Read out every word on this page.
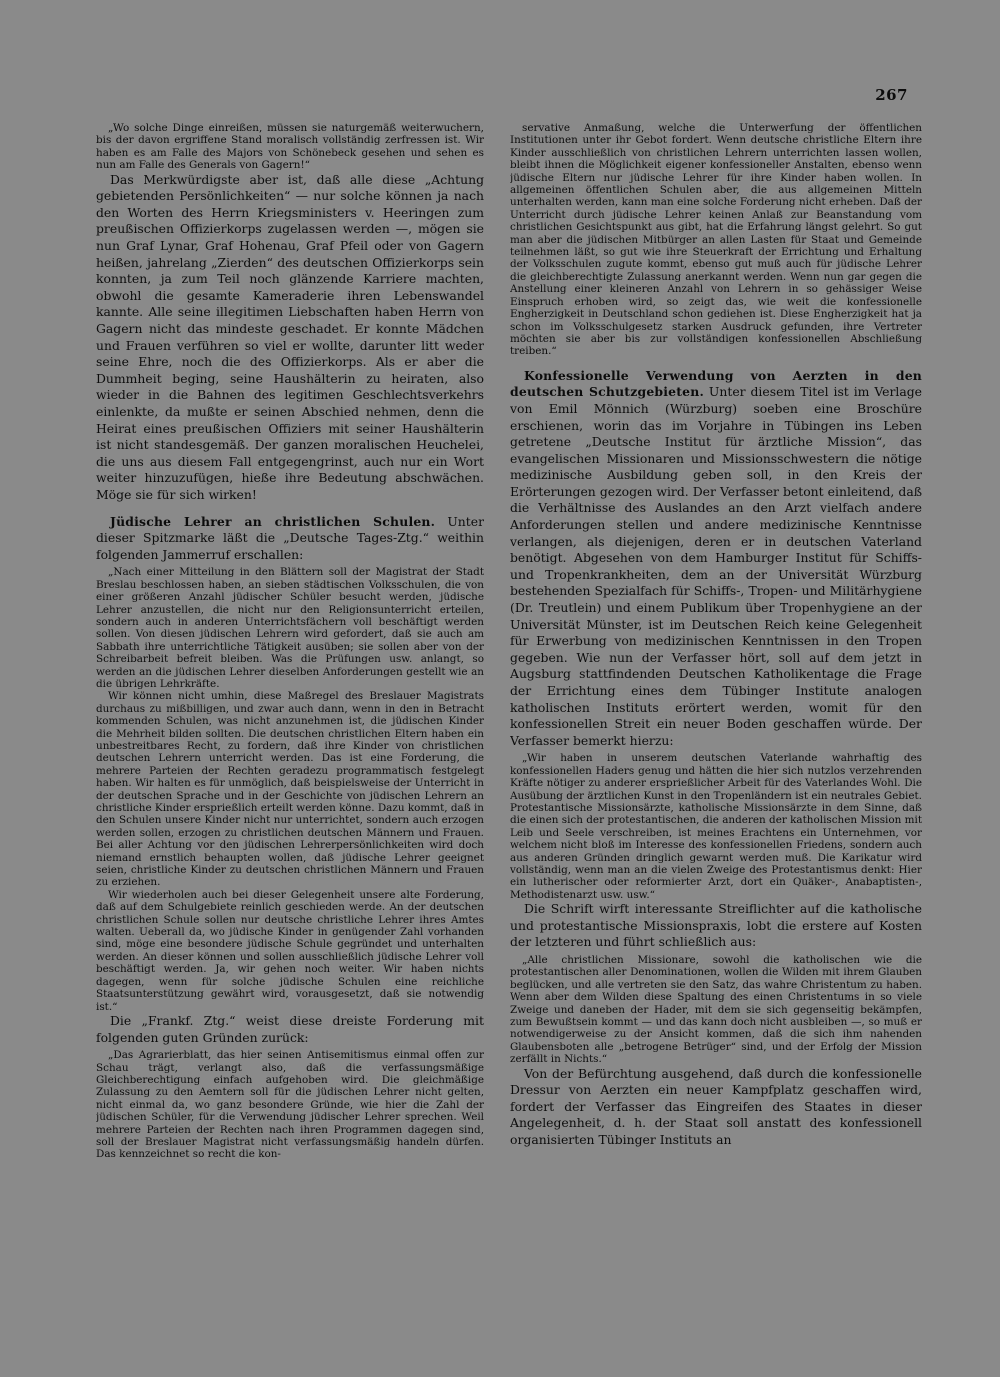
267

„Wo solche Dinge einreißen, müssen sie naturgemäß weiterwuchern, bis der davon ergriffene Stand moralisch vollständig zerfressen ist. Wir haben es am Falle des Majors von Schönebeck gesehen und sehen es nun am Falle des Generals von Gagern!“

Das Merkwürdigste aber ist, daß alle diese „Achtung gebietenden Persönlichkeiten“ — nur solche können ja nach den Worten des Herrn Kriegsministers v. Heeringen zum preußischen Offizierkorps zugelassen werden —, mögen sie nun Graf Lynar, Graf Hohenau, Graf Pfeil oder von Gagern heißen, jahrelang „Zierden“ des deutschen Offizierkorps sein konnten, ja zum Teil noch glänzende Karriere machten, obwohl die gesamte Kameraderie ihren Lebenswandel kannte. Alle seine illegitimen Liebschaften haben Herrn von Gagern nicht das mindeste geschadet. Er konnte Mädchen und Frauen verführen so viel er wollte, darunter litt weder seine Ehre, noch die des Offizierkorps. Als er aber die Dummheit beging, seine Haushälterin zu heiraten, also wieder in die Bahnen des legitimen Geschlechtsverkehrs einlenkte, da mußte er seinen Abschied nehmen, denn die Heirat eines preußischen Offiziers mit seiner Haushälterin ist nicht standesgemäß. Der ganzen moralischen Heuchelei, die uns aus diesem Fall entgegengrinst, auch nur ein Wort weiter hinzuzufügen, hieße ihre Bedeutung abschwächen. Möge sie für sich wirken!

Jüdische Lehrer an christlichen Schulen. Unter dieser Spitzmarke läßt die „Deutsche Tages-Ztg.“ weithin folgenden Jammerruf erschallen:

„Nach einer Mitteilung in den Blättern soll der Magistrat der Stadt Breslau beschlossen haben, an sieben städtischen Volksschulen, die von einer größeren Anzahl jüdischer Schüler besucht werden, jüdische Lehrer anzustellen, die nicht nur den Religionsunterricht erteilen, sondern auch in anderen Unterrichtsfächern voll beschäftigt werden sollen. Von diesen jüdischen Lehrern wird gefordert, daß sie auch am Sabbath ihre unterrichtliche Tätigkeit ausüben; sie sollen aber von der Schreibarbeit befreit bleiben. Was die Prüfungen usw. anlangt, so werden an die jüdischen Lehrer dieselben Anforderungen gestellt wie an die übrigen Lehrkräfte.

Wir können nicht umhin, diese Maßregel des Breslauer Magistrats durchaus zu mißbilligen, und zwar auch dann, wenn in den in Betracht kommenden Schulen, was nicht anzunehmen ist, die jüdischen Kinder die Mehrheit bilden sollten. Die deutschen christlichen Eltern haben ein unbestreitbares Recht, zu fordern, daß ihre Kinder von christlichen deutschen Lehrern unterricht werden. Das ist eine Forderung, die mehrere Parteien der Rechten geradezu programmatisch festgelegt haben. Wir halten es für unmöglich, daß beispielsweise der Unterricht in der deutschen Sprache und in der Geschichte von jüdischen Lehrern an christliche Kinder ersprießlich erteilt werden könne. Dazu kommt, daß in den Schulen unsere Kinder nicht nur unterrichtet, sondern auch erzogen werden sollen, erzogen zu christlichen deutschen Männern und Frauen. Bei aller Achtung vor den jüdischen Lehrerpersönlichkeiten wird doch niemand ernstlich behaupten wollen, daß jüdische Lehrer geeignet seien, christliche Kinder zu deutschen christlichen Männern und Frauen zu erziehen.

Wir wiederholen auch bei dieser Gelegenheit unsere alte Forderung, daß auf dem Schulgebiete reinlich geschieden werde. An der deutschen christlichen Schule sollen nur deutsche christliche Lehrer ihres Amtes walten. Ueberall da, wo jüdische Kinder in genügender Zahl vorhanden sind, möge eine besondere jüdische Schule gegründet und unterhalten werden. An dieser können und sollen ausschließlich jüdische Lehrer voll beschäftigt werden. Ja, wir gehen noch weiter. Wir haben nichts dagegen, wenn für solche jüdische Schulen eine reichliche Staatsunterstützung gewährt wird, vorausgesetzt, daß sie notwendig ist.“

Die „Frankf. Ztg.“ weist diese dreiste Forderung mit folgenden guten Gründen zurück:

„Das Agrarierblatt, das hier seinen Antisemitismus einmal offen zur Schau trägt, verlangt also, daß die verfassungsmäßige Gleichberechtigung einfach aufgehoben wird. Die gleichmäßige Zulassung zu den Aemtern soll für die jüdischen Lehrer nicht gelten, nicht einmal da, wo ganz besondere Gründe, wie hier die Zahl der jüdischen Schüler, für die Verwendung jüdischer Lehrer sprechen. Weil mehrere Parteien der Rechten nach ihren Programmen dagegen sind, soll der Breslauer Magistrat nicht verfassungsmäßig handeln dürfen. Das kennzeichnet so recht die kon-

servative Anmaßung, welche die Unterwerfung der öffentlichen Institutionen unter ihr Gebot fordert. Wenn deutsche christliche Eltern ihre Kinder ausschließlich von christlichen Lehrern unterrichten lassen wollen, bleibt ihnen die Möglichkeit eigener konfessioneller Anstalten, ebenso wenn jüdische Eltern nur jüdische Lehrer für ihre Kinder haben wollen. In allgemeinen öffentlichen Schulen aber, die aus allgemeinen Mitteln unterhalten werden, kann man eine solche Forderung nicht erheben. Daß der Unterricht durch jüdische Lehrer keinen Anlaß zur Beanstandung vom christlichen Gesichtspunkt aus gibt, hat die Erfahrung längst gelehrt. So gut man aber die jüdischen Mitbürger an allen Lasten für Staat und Gemeinde teilnehmen läßt, so gut wie ihre Steuerkraft der Errichtung und Erhaltung der Volksschulen zugute kommt, ebenso gut muß auch für jüdische Lehrer die gleichberechtigte Zulassung anerkannt werden. Wenn nun gar gegen die Anstellung einer kleineren Anzahl von Lehrern in so gehässiger Weise Einspruch erhoben wird, so zeigt das, wie weit die konfessionelle Engherzigkeit in Deutschland schon gediehen ist. Diese Engherzigkeit hat ja schon im Volksschulgesetz starken Ausdruck gefunden, ihre Vertreter möchten sie aber bis zur vollständigen konfessionellen Abschließung treiben.“

Konfessionelle Verwendung von Aerzten in den deutschen Schutzgebieten. Unter diesem Titel ist im Verlage von Emil Mönnich (Würzburg) soeben eine Broschüre erschienen, worin das im Vorjahre in Tübingen ins Leben getretene „Deutsche Institut für ärztliche Mission“, das evangelischen Missionaren und Missionsschwestern die nötige medizinische Ausbildung geben soll, in den Kreis der Erörterungen gezogen wird. Der Verfasser betont einleitend, daß die Verhältnisse des Auslandes an den Arzt vielfach andere Anforderungen stellen und andere medizinische Kenntnisse verlangen, als diejenigen, deren er in deutschen Vaterland benötigt. Abgesehen von dem Hamburger Institut für Schiffs- und Tropenkrankheiten, dem an der Universität Würzburg bestehenden Spezialfach für Schiffs-, Tropen- und Militärhygiene (Dr. Treutlein) und einem Publikum über Tropenhygiene an der Universität Münster, ist im Deutschen Reich keine Gelegenheit für Erwerbung von medizinischen Kenntnissen in den Tropen gegeben. Wie nun der Verfasser hört, soll auf dem jetzt in Augsburg stattfindenden Deutschen Katholikentage die Frage der Errichtung eines dem Tübinger Institute analogen katholischen Instituts erörtert werden, womit für den konfessionellen Streit ein neuer Boden geschaffen würde. Der Verfasser bemerkt hierzu:

„Wir haben in unserem deutschen Vaterlande wahrhaftig des konfessionellen Haders genug und hätten die hier sich nutzlos verzehrenden Kräfte nötiger zu anderer ersprießlicher Arbeit für des Vaterlandes Wohl. Die Ausübung der ärztlichen Kunst in den Tropenländern ist ein neutrales Gebiet. Protestantische Missionsärzte, katholische Missionsärzte in dem Sinne, daß die einen sich der protestantischen, die anderen der katholischen Mission mit Leib und Seele verschreiben, ist meines Erachtens ein Unternehmen, vor welchem nicht bloß im Interesse des konfessionellen Friedens, sondern auch aus anderen Gründen dringlich gewarnt werden muß. Die Karikatur wird vollständig, wenn man an die vielen Zweige des Protestantismus denkt: Hier ein lutherischer oder reformierter Arzt, dort ein Quäker-, Anabaptisten-, Methodistenarzt usw. usw.“

Die Schrift wirft interessante Streiflichter auf die katholische und protestantische Missionspraxis, lobt die erstere auf Kosten der letzteren und führt schließlich aus:

„Alle christlichen Missionare, sowohl die katholischen wie die protestantischen aller Denominationen, wollen die Wilden mit ihrem Glauben beglücken, und alle vertreten sie den Satz, das wahre Christentum zu haben. Wenn aber dem Wilden diese Spaltung des einen Christentums in so viele Zweige und daneben der Hader, mit dem sie sich gegenseitig bekämpfen, zum Bewußtsein kommt — und das kann doch nicht ausbleiben —, so muß er notwendigerweise zu der Ansicht kommen, daß die sich ihm nahenden Glaubensboten alle „betrogene Betrüger“ sind, und der Erfolg der Mission zerfällt in Nichts.“

Von der Befürchtung ausgehend, daß durch die konfessionelle Dressur von Aerzten ein neuer Kampfplatz geschaffen wird, fordert der Verfasser das Eingreifen des Staates in dieser Angelegenheit, d. h. der Staat soll anstatt des konfessionell organisierten Tübinger Instituts an
